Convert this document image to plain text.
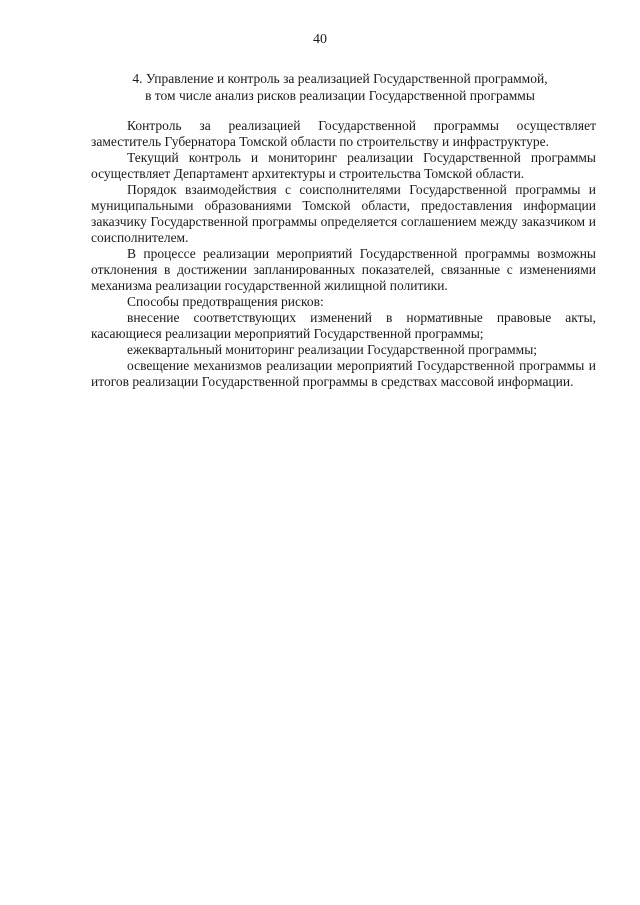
40
4. Управление и контроль за реализацией Государственной программой,
в том числе анализ рисков реализации Государственной программы

Контроль за реализацией Государственной программы осуществляет заместитель Губернатора Томской области по строительству и инфраструктуре.

Текущий контроль и мониторинг реализации Государственной программы осуществляет Департамент архитектуры и строительства Томской области.

Порядок взаимодействия с соисполнителями Государственной программы и муниципальными образованиями Томской области, предоставления информации заказчику Государственной программы определяется соглашением между заказчиком и соисполнителем.

В процессе реализации мероприятий Государственной программы возможны отклонения в достижении запланированных показателей, связанные с изменениями механизма реализации государственной жилищной политики.

Способы предотвращения рисков:

внесение соответствующих изменений в нормативные правовые акты, касающиеся реализации мероприятий Государственной программы;

ежеквартальный мониторинг реализации Государственной программы;

освещение механизмов реализации мероприятий Государственной программы и итогов реализации Государственной программы в средствах массовой информации.
